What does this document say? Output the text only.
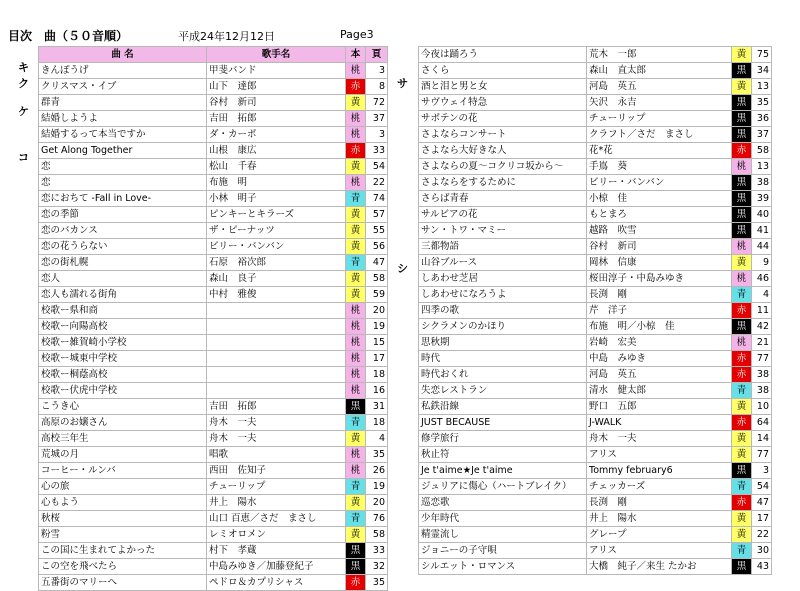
目次　曲（５０音順）	平成24年12月12日	Page3
キ
ク
ケ
コ
サ
シ
曲 名	歌手名	本	頁
きんぽうげ	甲斐バンド	桃	3
クリスマス・イブ	山下　達郎	赤	8
群青	谷村　新司	黄	72
結婚しようよ	吉田　拓郎	桃	37
結婚するって本当ですか	ダ・カーポ	桃	3
Get Along Together	山根　康広	赤	33
恋	松山　千春	黄	54
恋	布施　明	桃	22
恋におちて -Fall in Love-	小林　明子	青	74
恋の季節	ピンキーとキラーズ	黄	57
恋のバカンス	ザ・ピーナッツ	黄	55
恋の花うらない	ビリー・バンバン	黄	56
恋の街札幌	石原　裕次郎	青	47
恋人	森山　良子	黄	58
恋人も濡れる街角	中村　雅俊	黄	59
校歌ー県和商		桃	20
校歌ー向陽高校		桃	19
校歌ー雑賀崎小学校		桃	15
校歌ー城東中学校		桃	17
校歌ー桐蔭高校		桃	18
校歌ー伏虎中学校		桃	16
こうき心	吉田　拓郎	黒	31
高原のお嬢さん	舟木　一夫	青	18
高校三年生	舟木　一夫	黄	4
荒城の月	唱歌	桃	35
コーヒー・ルンバ	西田　佐知子	桃	26
心の旅	チューリップ	青	19
心もよう	井上　陽水	黄	20
秋桜	山口 百恵／さだ　まさし	青	76
粉雪	レミオロメン	黄	58
この国に生まれてよかった	村下　孝蔵	黒	33
この空を飛べたら	中島みゆき／加藤登紀子	黒	32
五番街のマリーへ	ペドロ＆カプリシャス	赤	35
今夜は踊ろう	荒木　一郎	黄	75
さくら	森山　直太郎	黒	34
酒と泪と男と女	河島　英五	黄	13
サヴウェイ特急	矢沢　永吉	黒	35
サボテンの花	チューリップ	黒	36
さよならコンサート	クラフト／さだ　まさし	黒	37
さよなら大好きな人	花*花	赤	58
さよならの夏～コクリコ坂から～	手嶌　葵	桃	13
さよならをするために	ビリー・バンバン	黒	38
さらば青春	小椋　佳	黒	39
サルビアの花	もとまろ	黒	40
サン・トワ・マミー	越路　吹雪	黒	41
三都物語	谷村　新司	桃	44
山谷ブルース	岡林　信康	黄	9
しあわせ芝居	桜田淳子・中島みゆき	桃	46
しあわせになろうよ	長渕　剛	青	4
四季の歌	芹　洋子	赤	11
シクラメンのかほり	布施　明／小椋　佳	黒	42
思秋期	岩崎　宏美	桃	21
時代	中島　みゆき	赤	77
時代おくれ	河島　英五	赤	38
失恋レストラン	清水　健太郎	青	38
私鉄沿線	野口　五郎	黄	10
JUST BECAUSE	J-WALK	赤	64
修学旅行	舟木　一夫	黄	14
秋止符	アリス	黄	77
Je t'aime★Je t'aime	Tommy february6	黒	3
ジュリアに傷心（ハートブレイク）	チェッカーズ	青	54
巡恋歌	長渕　剛	赤	47
少年時代	井上　陽水	黄	17
精霊流し	グレープ	黄	22
ジョニーの子守唄	アリス	青	30
シルエット・ロマンス	大橋　純子／来生 たかお	黒	43
